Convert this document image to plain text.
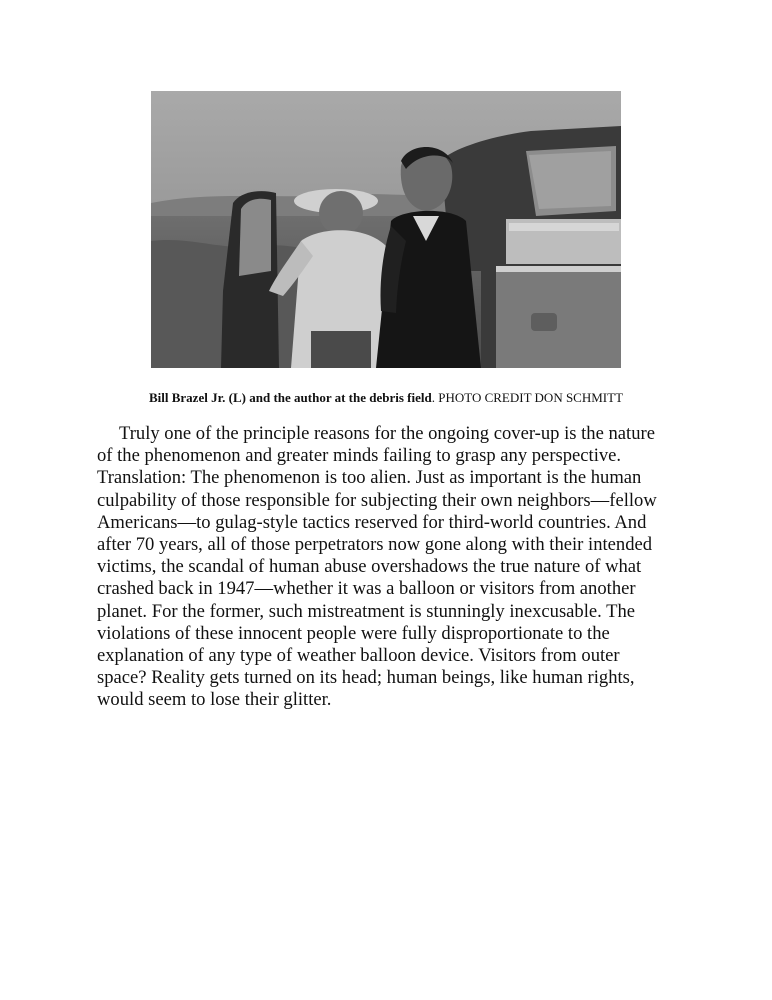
Bill Brazel Jr. (L) and the author at the debris field. PHOTO CREDIT DON SCHMITT

Truly one of the principle reasons for the ongoing cover-up is the nature
of the phenomenon and greater minds failing to grasp any perspective.
Translation: The phenomenon is too alien. Just as important is the human
culpability of those responsible for subjecting their own neighbors—fellow
Americans—to gulag-style tactics reserved for third-world countries. And
after 70 years, all of those perpetrators now gone along with their intended
victims, the scandal of human abuse overshadows the true nature of what
crashed back in 1947—whether it was a balloon or visitors from another
planet. For the former, such mistreatment is stunningly inexcusable. The
violations of these innocent people were fully disproportionate to the
explanation of any type of weather balloon device. Visitors from outer
space? Reality gets turned on its head; human beings, like human rights,
would seem to lose their glitter.
